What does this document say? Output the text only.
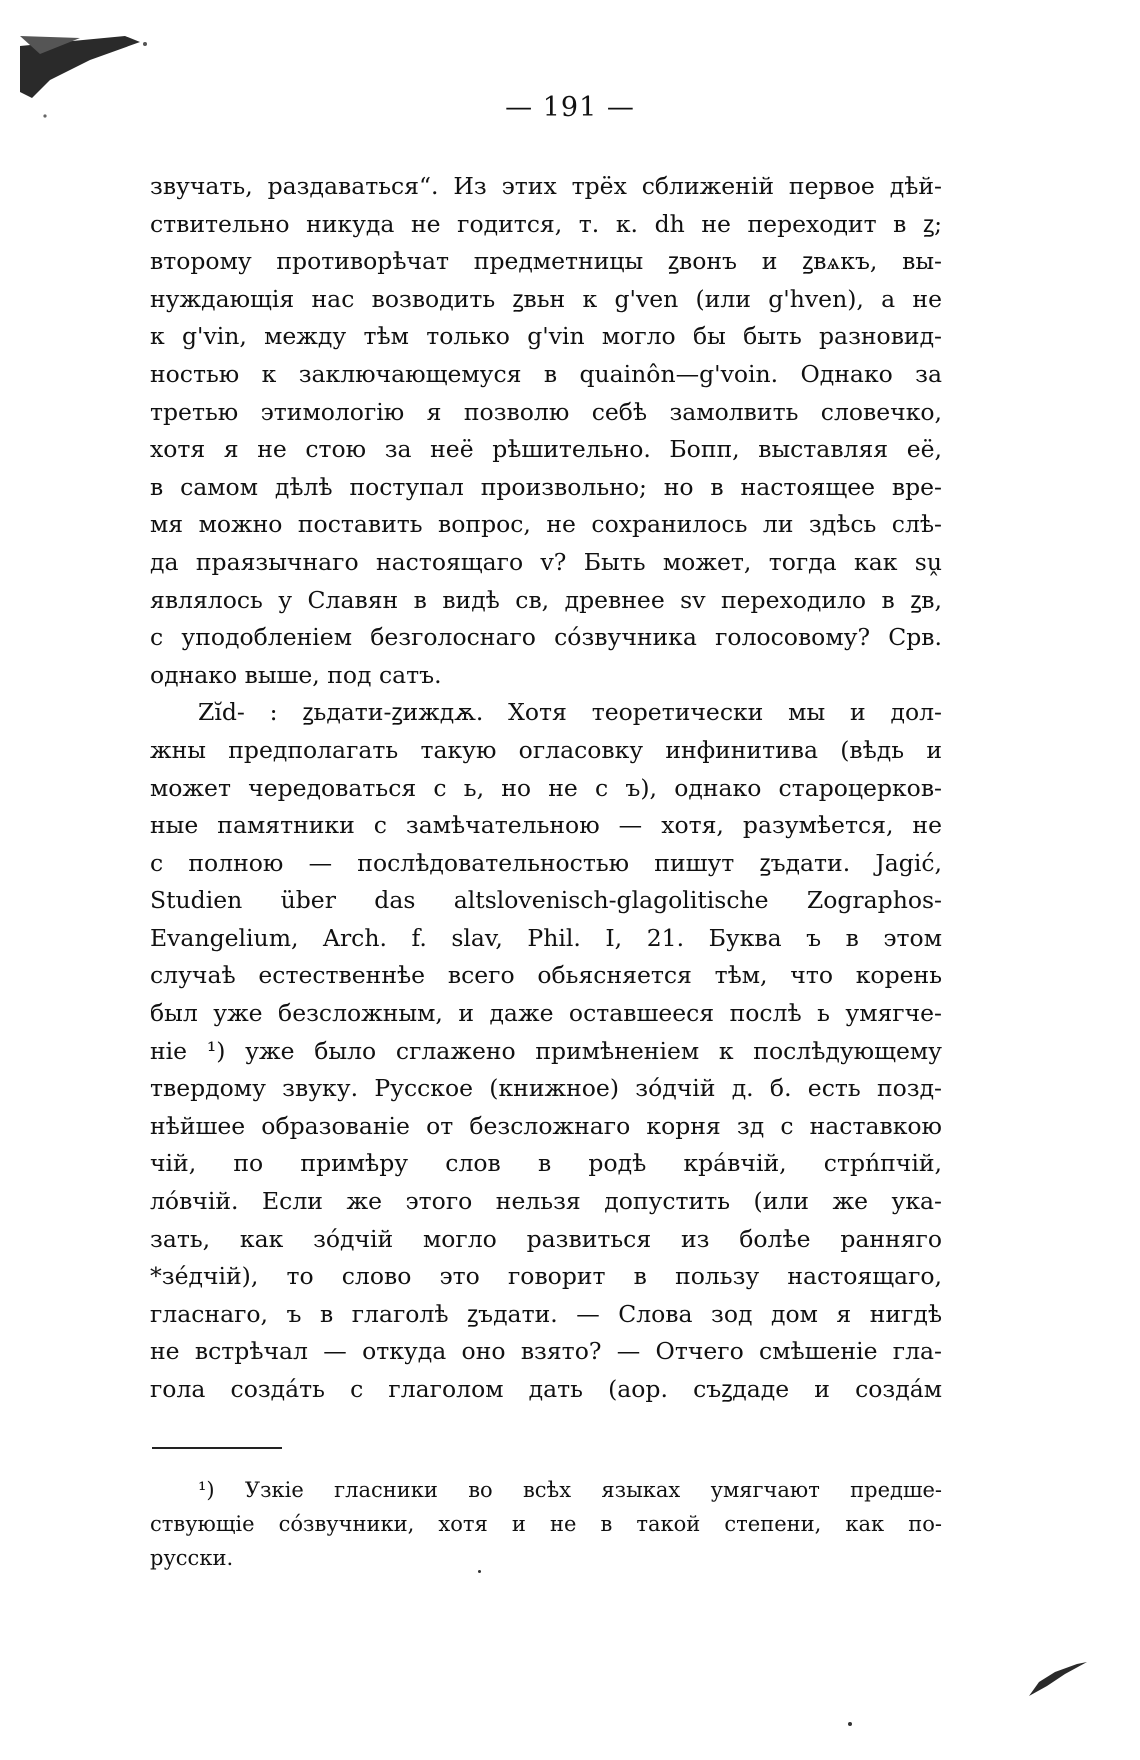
— 191 —

звучать, раздаваться“. Из этих трёх сближеній первое дѣй-
ствительно никуда не годится, т. к. dh не переходит в ꙁ;
второму противорѣчат предметницы ꙁвонъ и ꙁвѧкъ, вы-
нуждающія нас возводить ꙁвьн к g'ven (или g'hven), а не
к g'vin, между тѣм только g'vin могло бы быть разновид-
ностью к заключающемуся в quainôn—g'voin. Однако за
третью этимологію я позволю себѣ замолвить словечко,
хотя я не стою за неё рѣшительно. Бопп, выставляя её,
в самом дѣлѣ поступал произвольно; но в настоящее вре-
мя можно поставить вопрос, не сохранилось ли здѣсь слѣ-
да праязычнаго настоящаго v? Быть может, тогда как sṷ
являлось у Славян в видѣ св, древнее sv переходило в ꙁв,
с уподобленіем безголоснаго сóзвучника голосовому? Срв.
однако выше, под сатъ.

Zĭd- : ꙁьдати-ꙁиждѫ. Хотя теоретически мы и дол-
жны предполагать такую огласовку инфинитива (вѣдь и
может чередоваться с ь, но не с ъ), однако староцерков-
ные памятники с замѣчательною — хотя, разумѣется, не
с полною — послѣдовательностью пишут ꙁъдати. Jagić,
Studien über das altslovenisch-glagolitische Zographos-
Evangelium, Arch. f. slav, Phil. I, 21. Буква ъ в этом
случаѣ естественнѣе всего обьясняется тѣм, что корень
был уже безсложным, и даже оставшееся послѣ ь умягче-
ніе ¹) уже было сглажено примѣненіем к послѣдующему
твердому звуку. Русское (книжное) зóдчій д. б. есть позд-
нѣйшее образованіе от безсложнаго корня зд с наставкою
чій, по примѣру слов в родѣ крáвчій, стрńпчій,
лóвчій. Если же этого нельзя допустить (или же ука-
зать, как зóдчій могло развиться из болѣе ранняго
*зéдчій), то слово это говорит в пользу настоящаго,
гласнаго, ъ в глаголѣ ꙁъдати. — Слова зод дом я нигдѣ
не встрѣчал — откуда оно взято? — Отчего смѣшеніе гла-
гола создáть с глаголом дать (аор. съꙁдаде и создáм

¹) Узкіе гласники во всѣх языках умягчают предше-
ствующіе сóзвучники, хотя и не в такой степени, как по-
русски.
